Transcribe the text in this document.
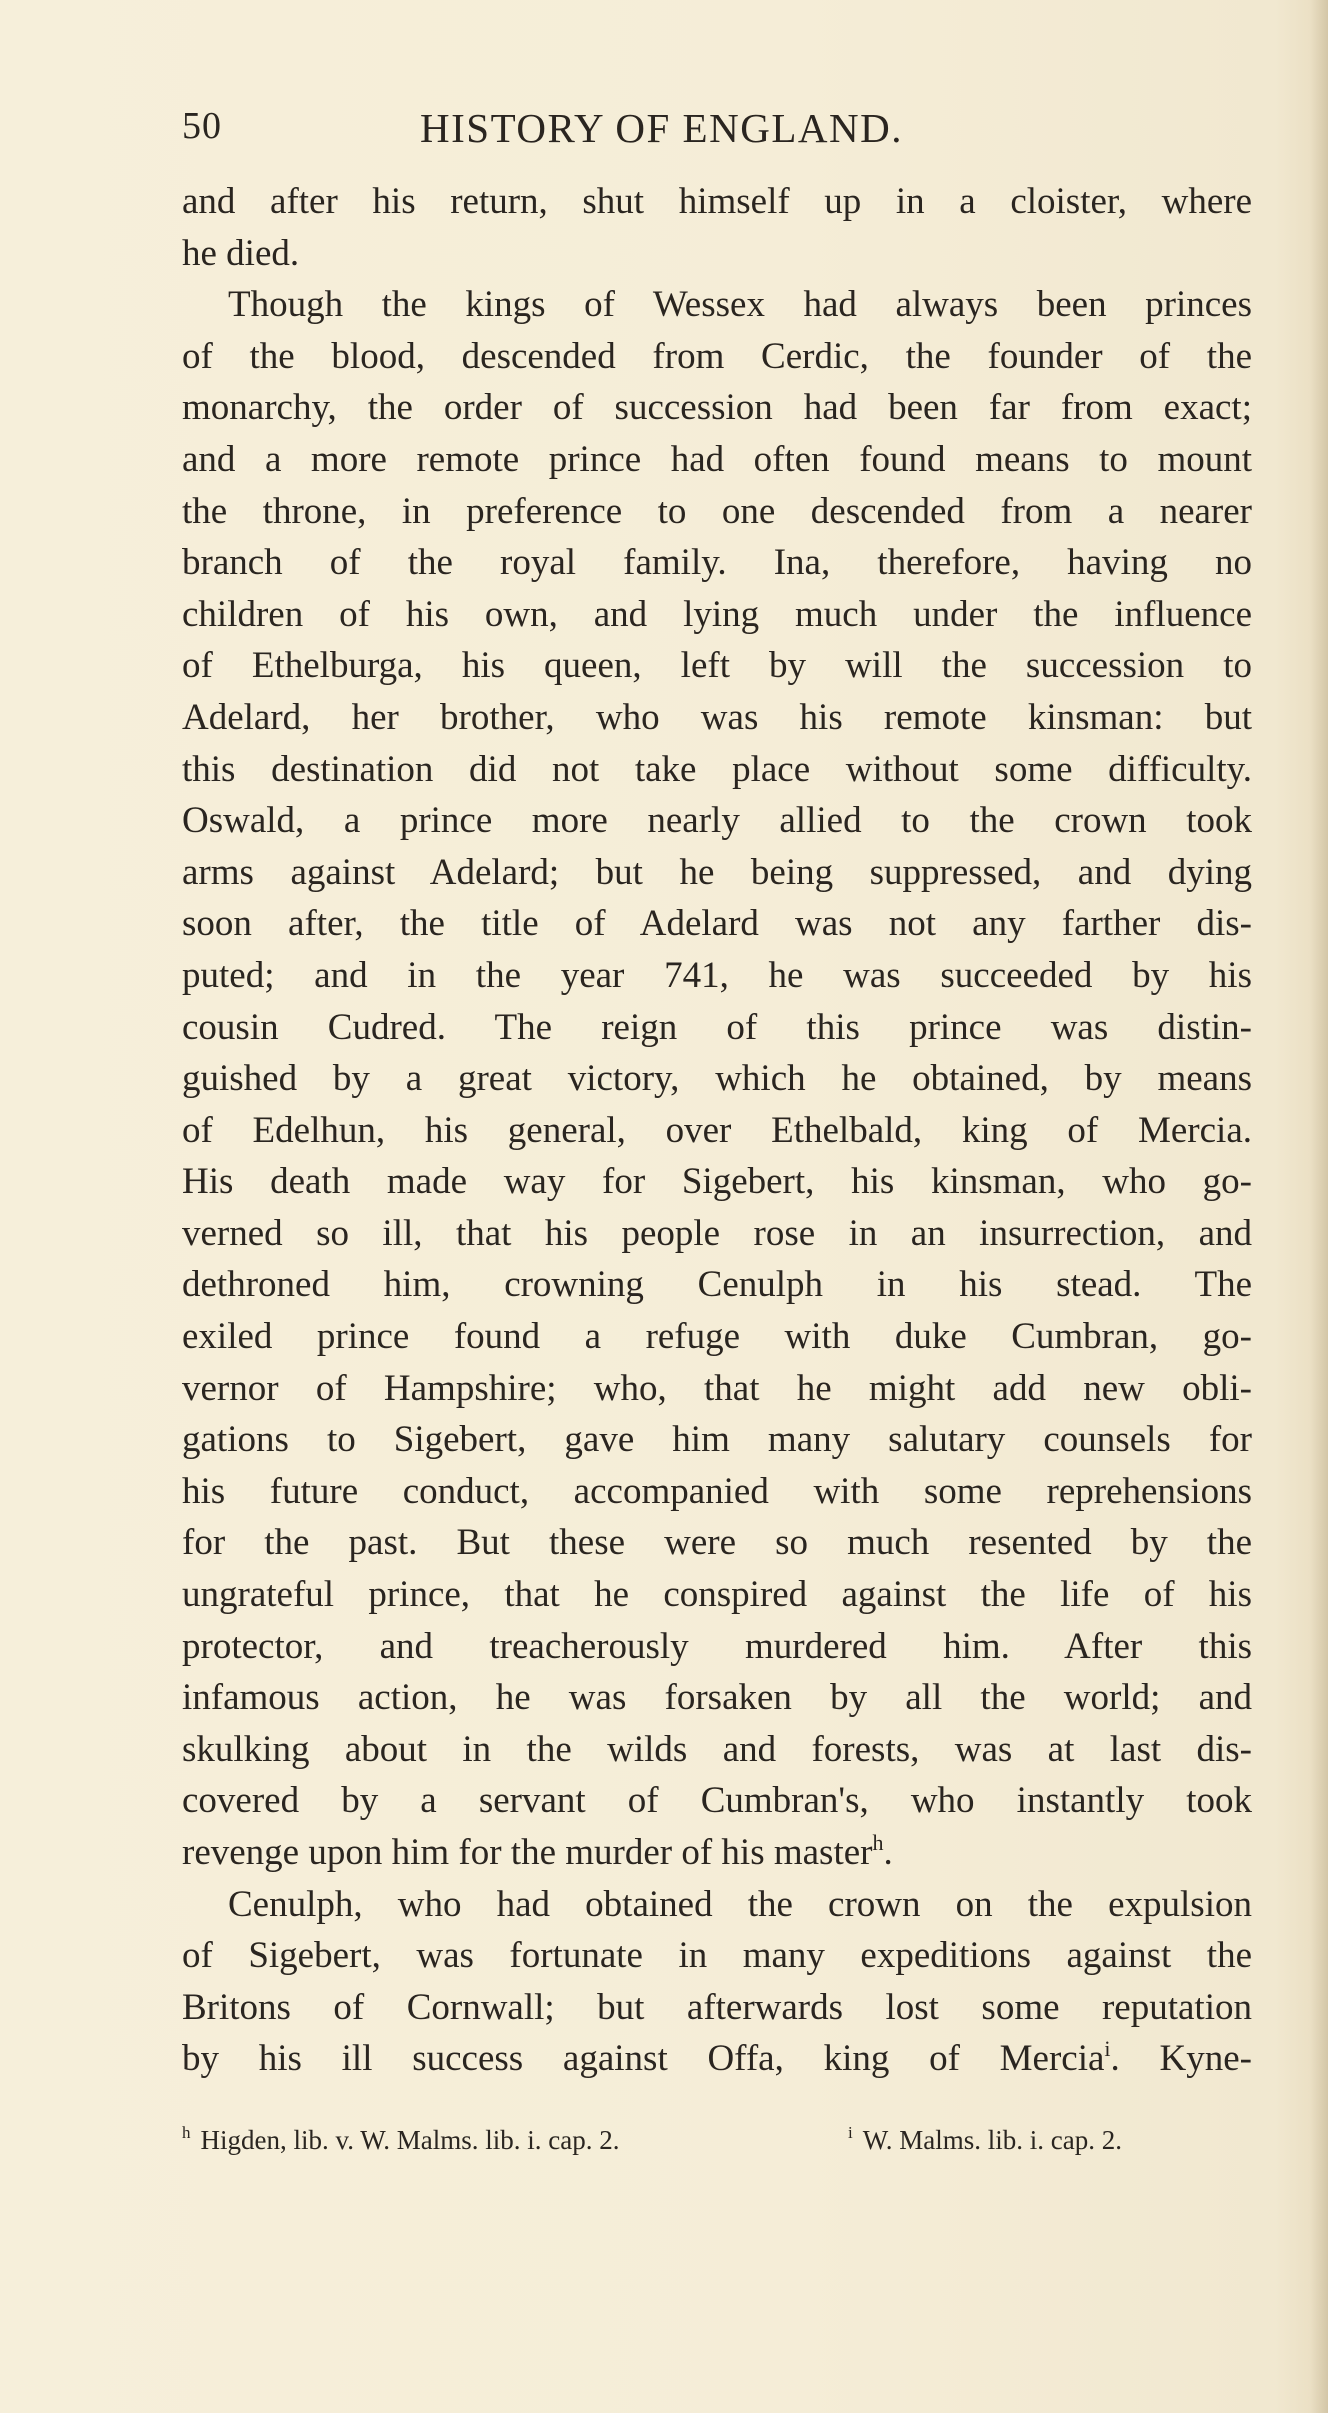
50	HISTORY OF ENGLAND.
and after his return, shut himself up in a cloister, where
he died.
Though the kings of Wessex had always been princes
of the blood, descended from Cerdic, the founder of the
monarchy, the order of succession had been far from exact;
and a more remote prince had often found means to mount
the throne, in preference to one descended from a nearer
branch of the royal family. Ina, therefore, having no
children of his own, and lying much under the influence
of Ethelburga, his queen, left by will the succession to
Adelard, her brother, who was his remote kinsman: but
this destination did not take place without some difficulty.
Oswald, a prince more nearly allied to the crown took
arms against Adelard; but he being suppressed, and dying
soon after, the title of Adelard was not any farther dis-
puted; and in the year 741, he was succeeded by his
cousin Cudred. The reign of this prince was distin-
guished by a great victory, which he obtained, by means
of Edelhun, his general, over Ethelbald, king of Mercia.
His death made way for Sigebert, his kinsman, who go-
verned so ill, that his people rose in an insurrection, and
dethroned him, crowning Cenulph in his stead. The
exiled prince found a refuge with duke Cumbran, go-
vernor of Hampshire; who, that he might add new obli-
gations to Sigebert, gave him many salutary counsels for
his future conduct, accompanied with some reprehensions
for the past. But these were so much resented by the
ungrateful prince, that he conspired against the life of his
protector, and treacherously murdered him. After this
infamous action, he was forsaken by all the world; and
skulking about in the wilds and forests, was at last dis-
covered by a servant of Cumbran's, who instantly took
revenge upon him for the murder of his master$^h$.
Cenulph, who had obtained the crown on the expulsion
of Sigebert, was fortunate in many expeditions against the
Britons of Cornwall; but afterwards lost some reputation
by his ill success against Offa, king of Mercia$^i$. Kyne-
$^h$ Higden, lib. v. W. Malms. lib. i. cap. 2.	$^i$ W. Malms. lib. i. cap. 2.
